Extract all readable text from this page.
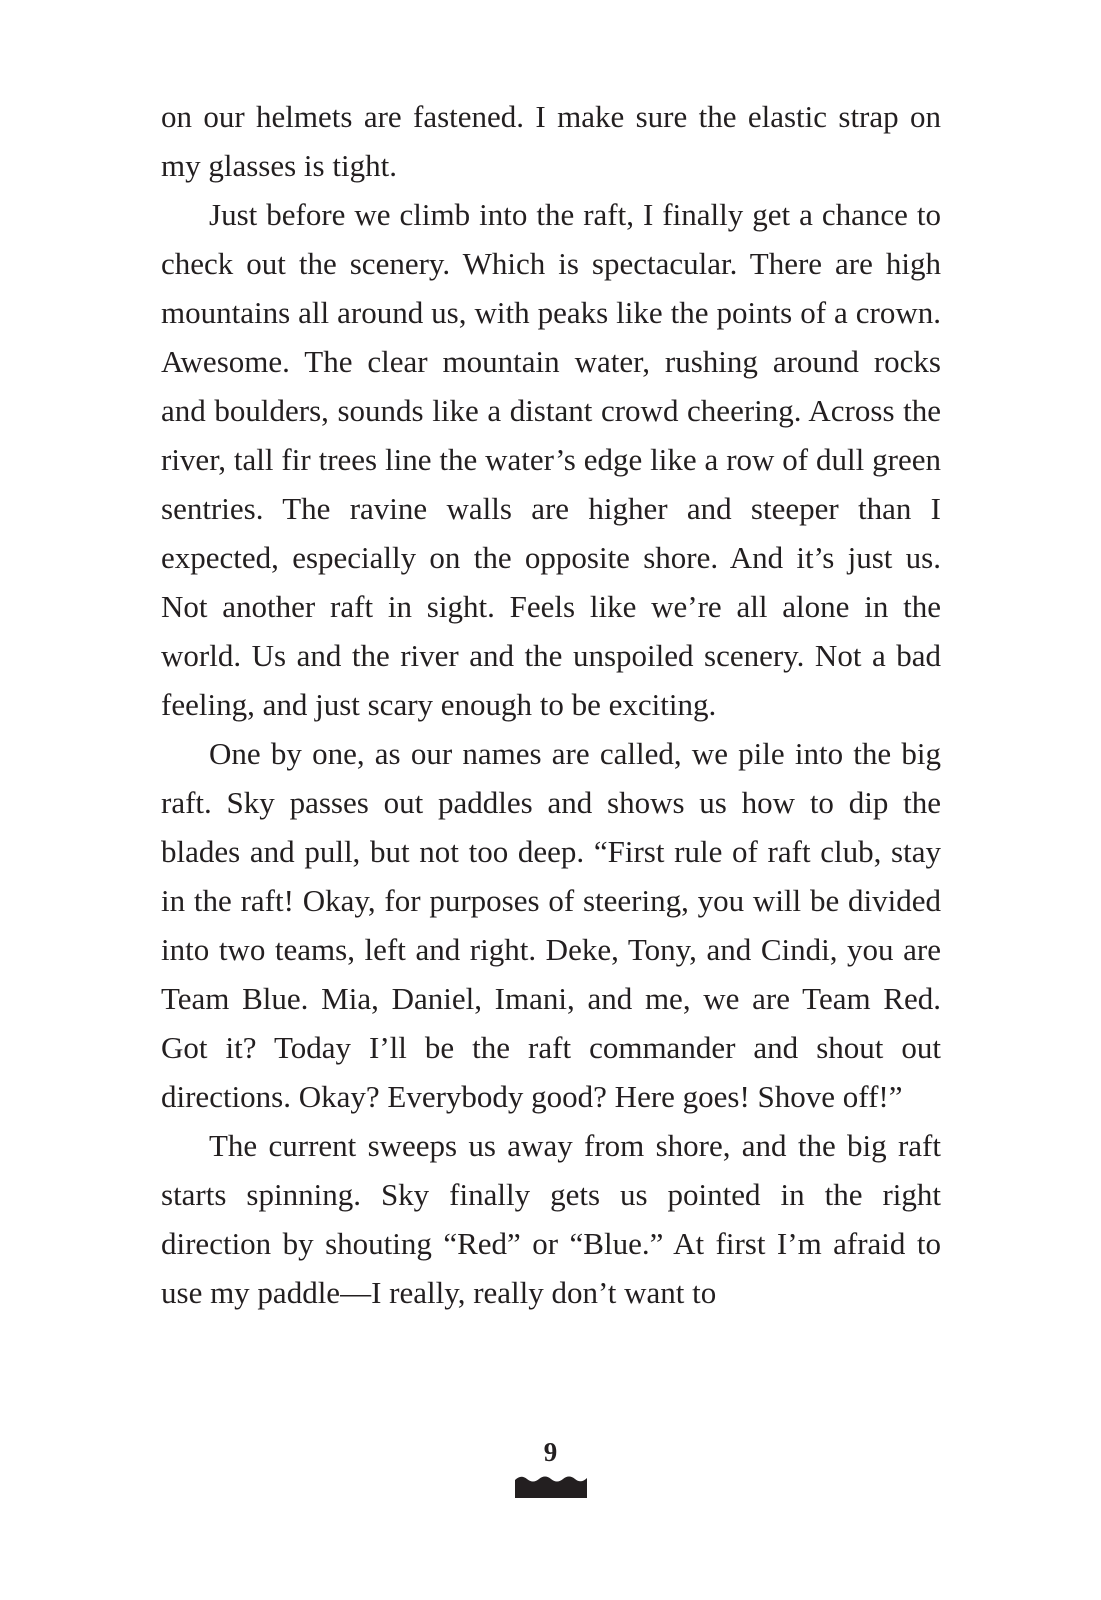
on our helmets are fastened. I make sure the elastic strap on my glasses is tight.

Just before we climb into the raft, I finally get a chance to check out the scenery. Which is spectacular. There are high mountains all around us, with peaks like the points of a crown. Awesome. The clear mountain water, rushing around rocks and boulders, sounds like a distant crowd cheering. Across the river, tall fir trees line the water’s edge like a row of dull green sentries. The ravine walls are higher and steeper than I expected, especially on the opposite shore. And it’s just us. Not another raft in sight. Feels like we’re all alone in the world. Us and the river and the unspoiled scenery. Not a bad feeling, and just scary enough to be exciting.

One by one, as our names are called, we pile into the big raft. Sky passes out paddles and shows us how to dip the blades and pull, but not too deep. “First rule of raft club, stay in the raft! Okay, for purposes of steering, you will be divided into two teams, left and right. Deke, Tony, and Cindi, you are Team Blue. Mia, Daniel, Imani, and me, we are Team Red. Got it? Today I’ll be the raft commander and shout out directions. Okay? Everybody good? Here goes! Shove off!”

The current sweeps us away from shore, and the big raft starts spinning. Sky finally gets us pointed in the right direction by shouting “Red” or “Blue.” At first I’m afraid to use my paddle—I really, really don’t want to

9
